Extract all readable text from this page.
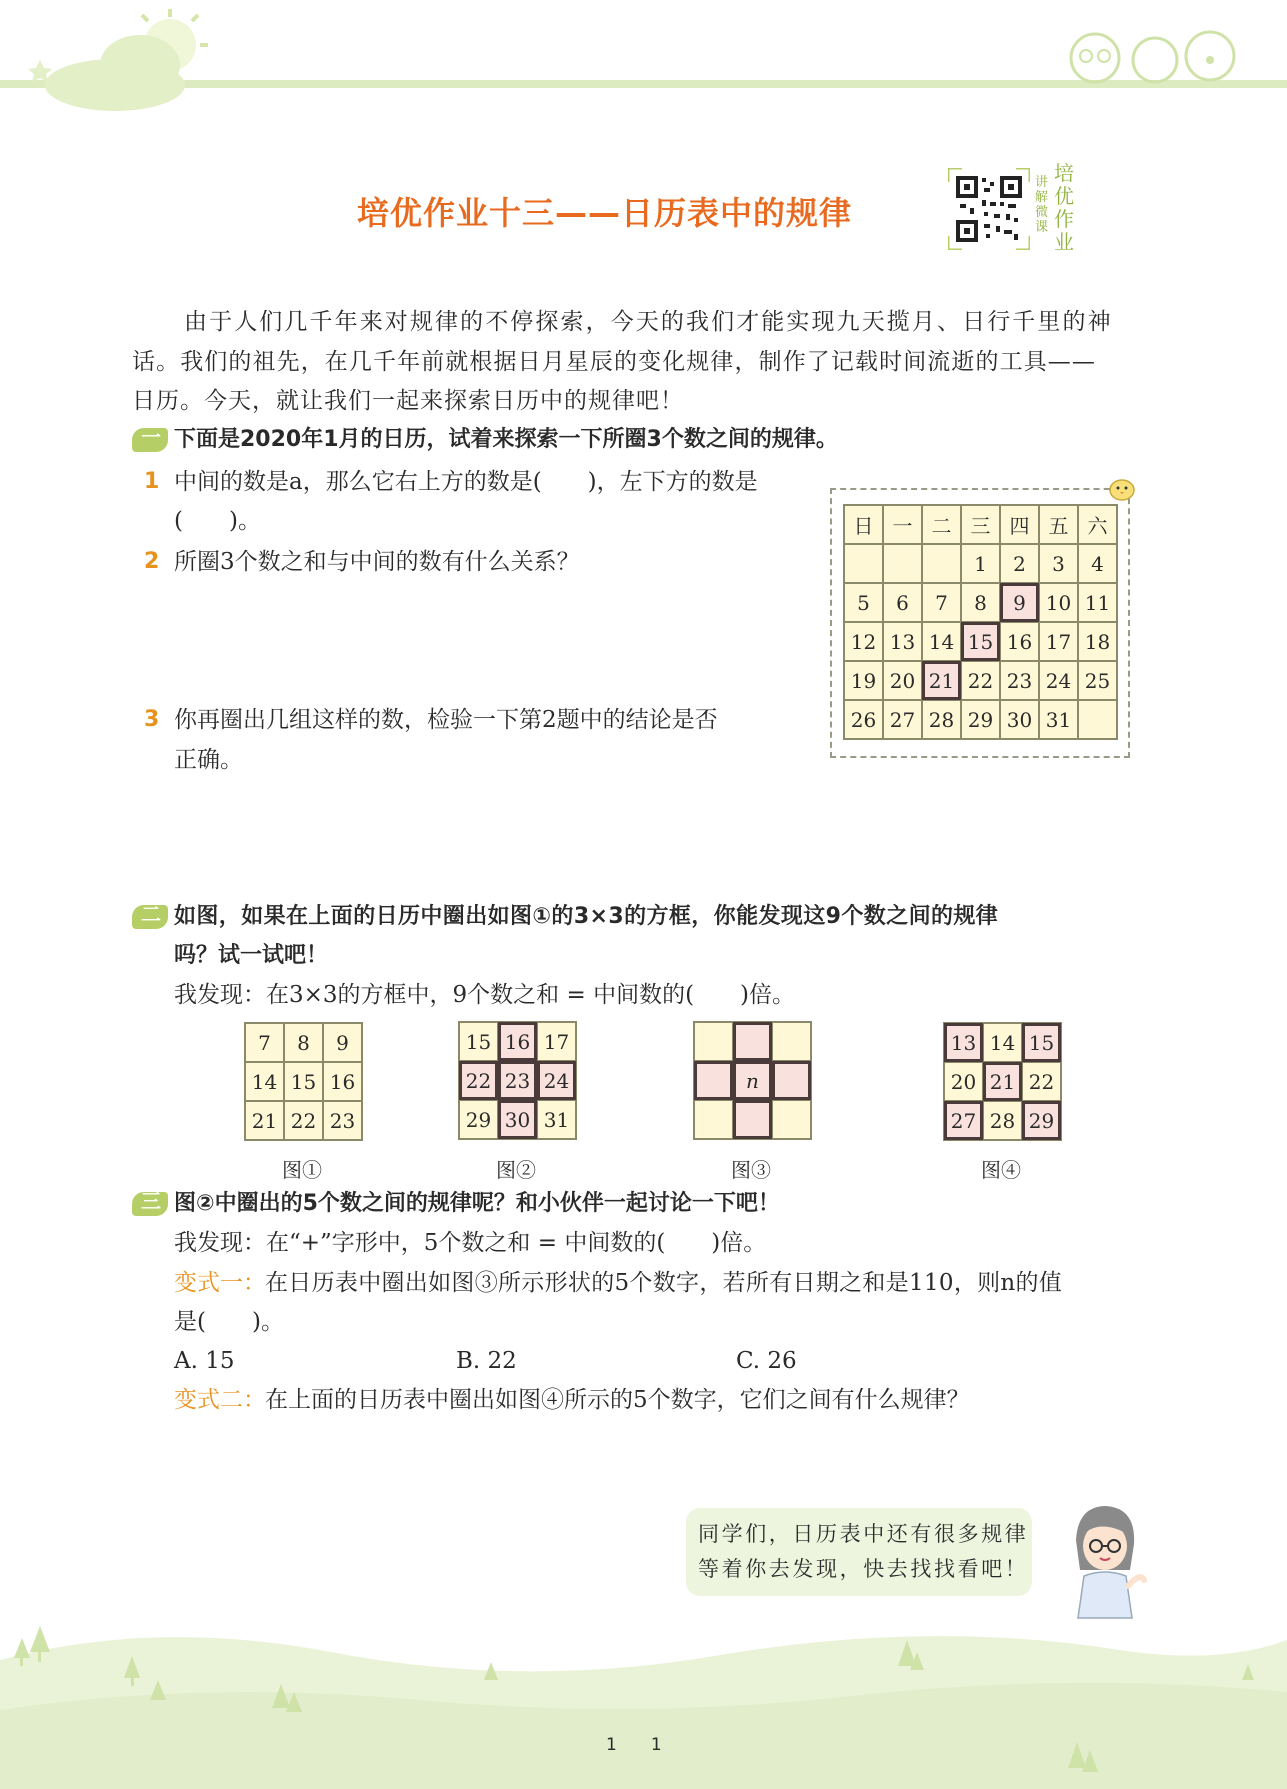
培优作业十三——日历表中的规律
讲
解
微
课
培
优
作
业
由于人们几千年来对规律的不停探索，今天的我们才能实现九天揽月、日行千里的神
话。我们的祖先，在几千年前就根据日月星辰的变化规律，制作了记载时间流逝的工具——
日历。今天，就让我们一起来探索日历中的规律吧！
一 下面是2020年1月的日历，试着来探索一下所圈3个数之间的规律。
1 中间的数是a，那么它右上方的数是(　　)，左下方的数是
(　　)。
2 所圈3个数之和与中间的数有什么关系？
3 你再圈出几组这样的数，检验一下第2题中的结论是否
正确。
日	一	二	三	四	五	六
			1	2	3	4
5	6	7	8	9	10	11
12	13	14	15	16	17	18
19	20	21	22	23	24	25
26	27	28	29	30	31	
二 如图，如果在上面的日历中圈出如图①的3×3的方框，你能发现这9个数之间的规律
吗？试一试吧！
我发现：在3×3的方框中，9个数之和 = 中间数的(　　)倍。
7	8	9
14	15	16
21	22	23
图①
15	16	17
22	23	24
29	30	31
图②

	n	

图③
13	14	15
20	21	22
27	28	29
图④
三 图②中圈出的5个数之间的规律呢？和小伙伴一起讨论一下吧！
我发现：在“+”字形中，5个数之和 = 中间数的(　　)倍。
变式一： 在日历表中圈出如图③所示形状的5个数字，若所有日期之和是110，则n的值
是(　　)。
A. 15	B. 22	C. 26
变式二： 在上面的日历表中圈出如图④所示的5个数字，它们之间有什么规律？
同学们，日历表中还有很多规律
等着你去发现，快去找找看吧！
1　　1
